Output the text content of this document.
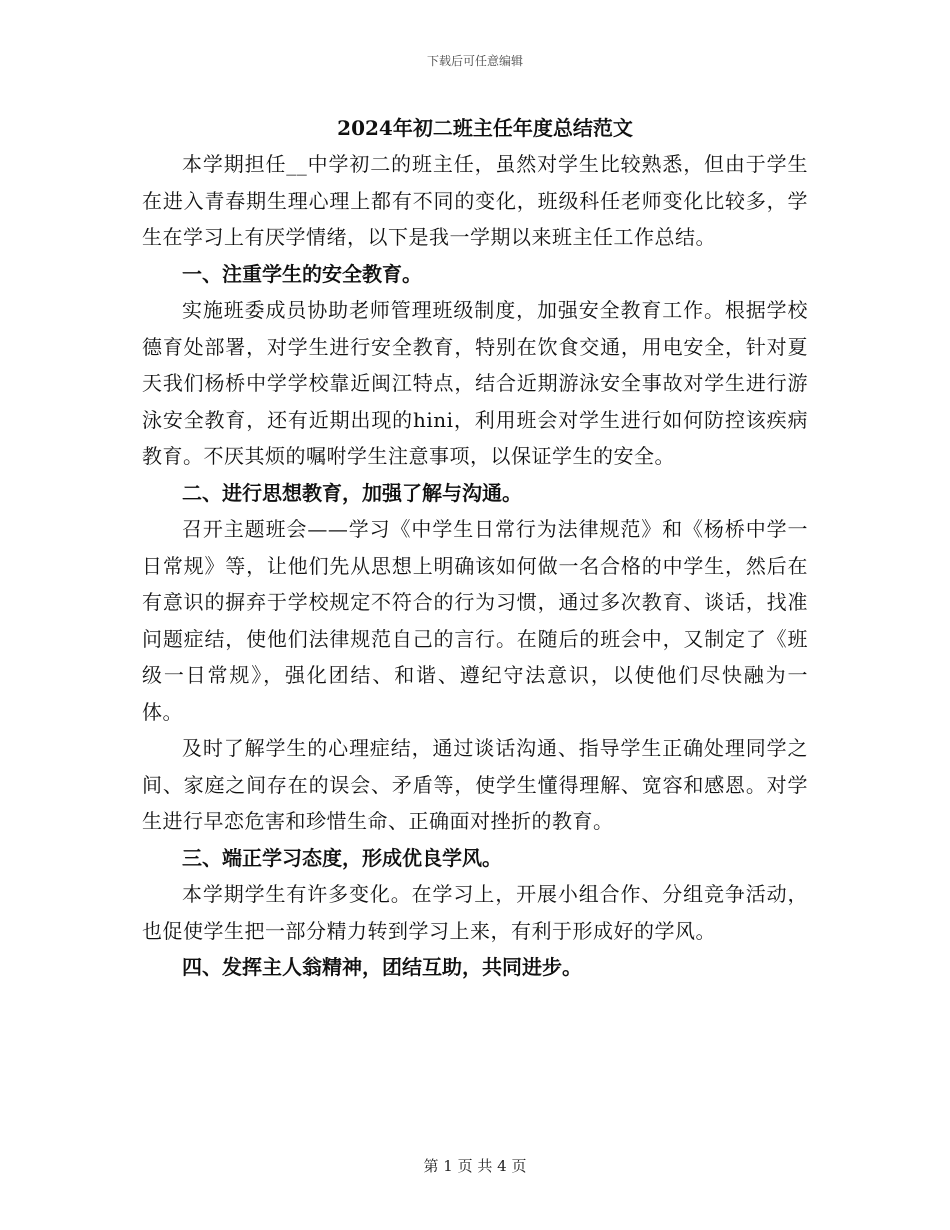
下载后可任意编辑
2024年初二班主任年度总结范文

本学期担任__中学初二的班主任，虽然对学生比较熟悉，但由于学生在进入青春期生理心理上都有不同的变化，班级科任老师变化比较多，学生在学习上有厌学情绪，以下是我一学期以来班主任工作总结。

一、注重学生的安全教育。

实施班委成员协助老师管理班级制度，加强安全教育工作。根据学校德育处部署，对学生进行安全教育，特别在饮食交通，用电安全，针对夏天我们杨桥中学学校靠近闽江特点，结合近期游泳安全事故对学生进行游泳安全教育，还有近期出现的hini，利用班会对学生进行如何防控该疾病教育。不厌其烦的嘱咐学生注意事项，以保证学生的安全。

二、进行思想教育，加强了解与沟通。

召开主题班会——学习《中学生日常行为法律规范》和《杨桥中学一日常规》等，让他们先从思想上明确该如何做一名合格的中学生，然后在有意识的摒弃于学校规定不符合的行为习惯，通过多次教育、谈话，找准问题症结，使他们法律规范自己的言行。在随后的班会中，又制定了《班级一日常规》，强化团结、和谐、遵纪守法意识，以使他们尽快融为一体。

及时了解学生的心理症结，通过谈话沟通、指导学生正确处理同学之间、家庭之间存在的误会、矛盾等，使学生懂得理解、宽容和感恩。对学生进行早恋危害和珍惜生命、正确面对挫折的教育。

三、端正学习态度，形成优良学风。

本学期学生有许多变化。在学习上，开展小组合作、分组竞争活动，也促使学生把一部分精力转到学习上来，有利于形成好的学风。

四、发挥主人翁精神，团结互助，共同进步。

第 1 页 共 4 页
